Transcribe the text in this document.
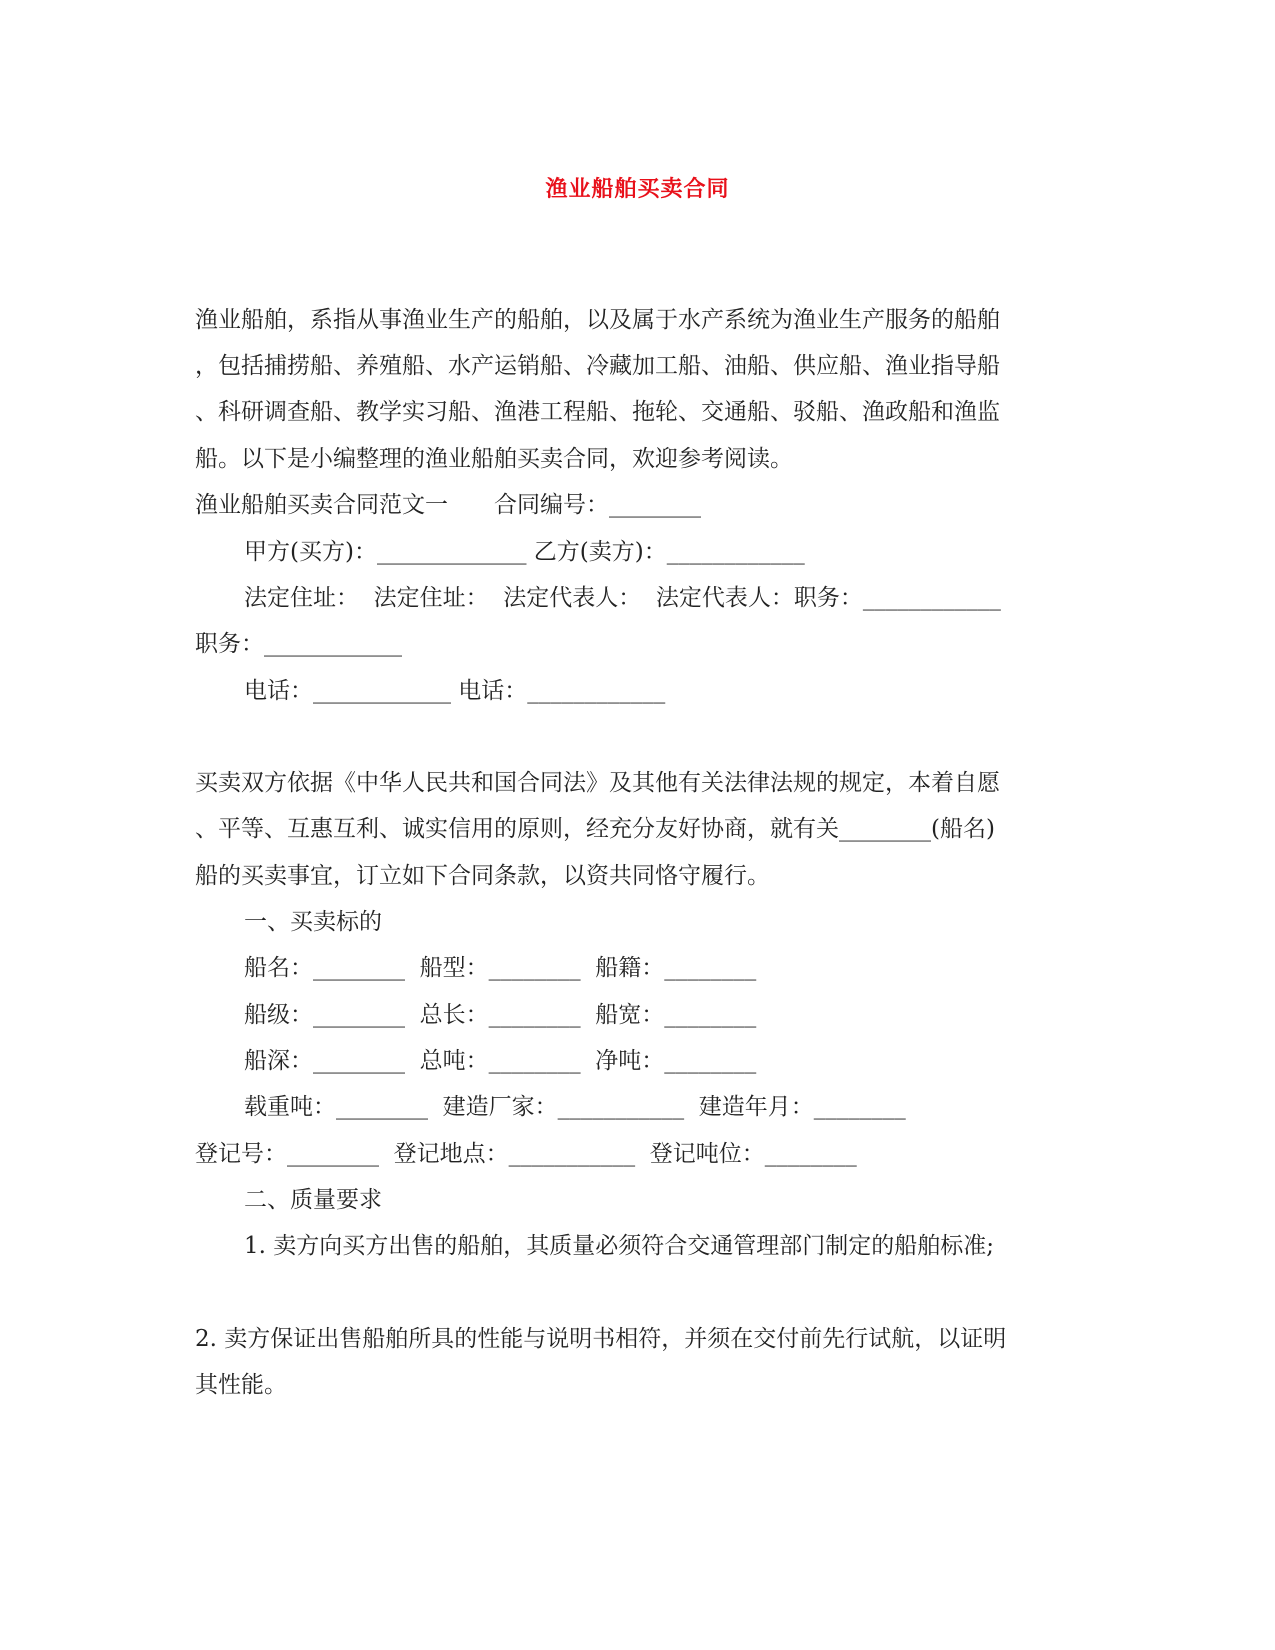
渔业船舶买卖合同
渔业船舶，系指从事渔业生产的船舶，以及属于水产系统为渔业生产服务的船舶
，包括捕捞船、养殖船、水产运销船、冷藏加工船、油船、供应船、渔业指导船
、科研调查船、教学实习船、渔港工程船、拖轮、交通船、驳船、渔政船和渔监
船。以下是小编整理的渔业船舶买卖合同，欢迎参考阅读。
渔业船舶买卖合同范文一　　合同编号：________
甲方(买方)：_____________ 乙方(卖方)：____________
法定住址：  法定住址：  法定代表人：  法定代表人：职务：____________
职务：____________
电话：____________ 电话：____________
买卖双方依据《中华人民共和国合同法》及其他有关法律法规的规定，本着自愿
、平等、互惠互利、诚实信用的原则，经充分友好协商，就有关________(船名)
船的买卖事宜，订立如下合同条款，以资共同恪守履行。
一、买卖标的
船名：________  船型：________  船籍：________
船级：________  总长：________  船宽：________
船深：________  总吨：________  净吨：________
载重吨：________  建造厂家：___________  建造年月：________
登记号：________  登记地点：___________  登记吨位：________
二、质量要求
1. 卖方向买方出售的船舶，其质量必须符合交通管理部门制定的船舶标准;
2. 卖方保证出售船舶所具的性能与说明书相符，并须在交付前先行试航，以证明
其性能。
